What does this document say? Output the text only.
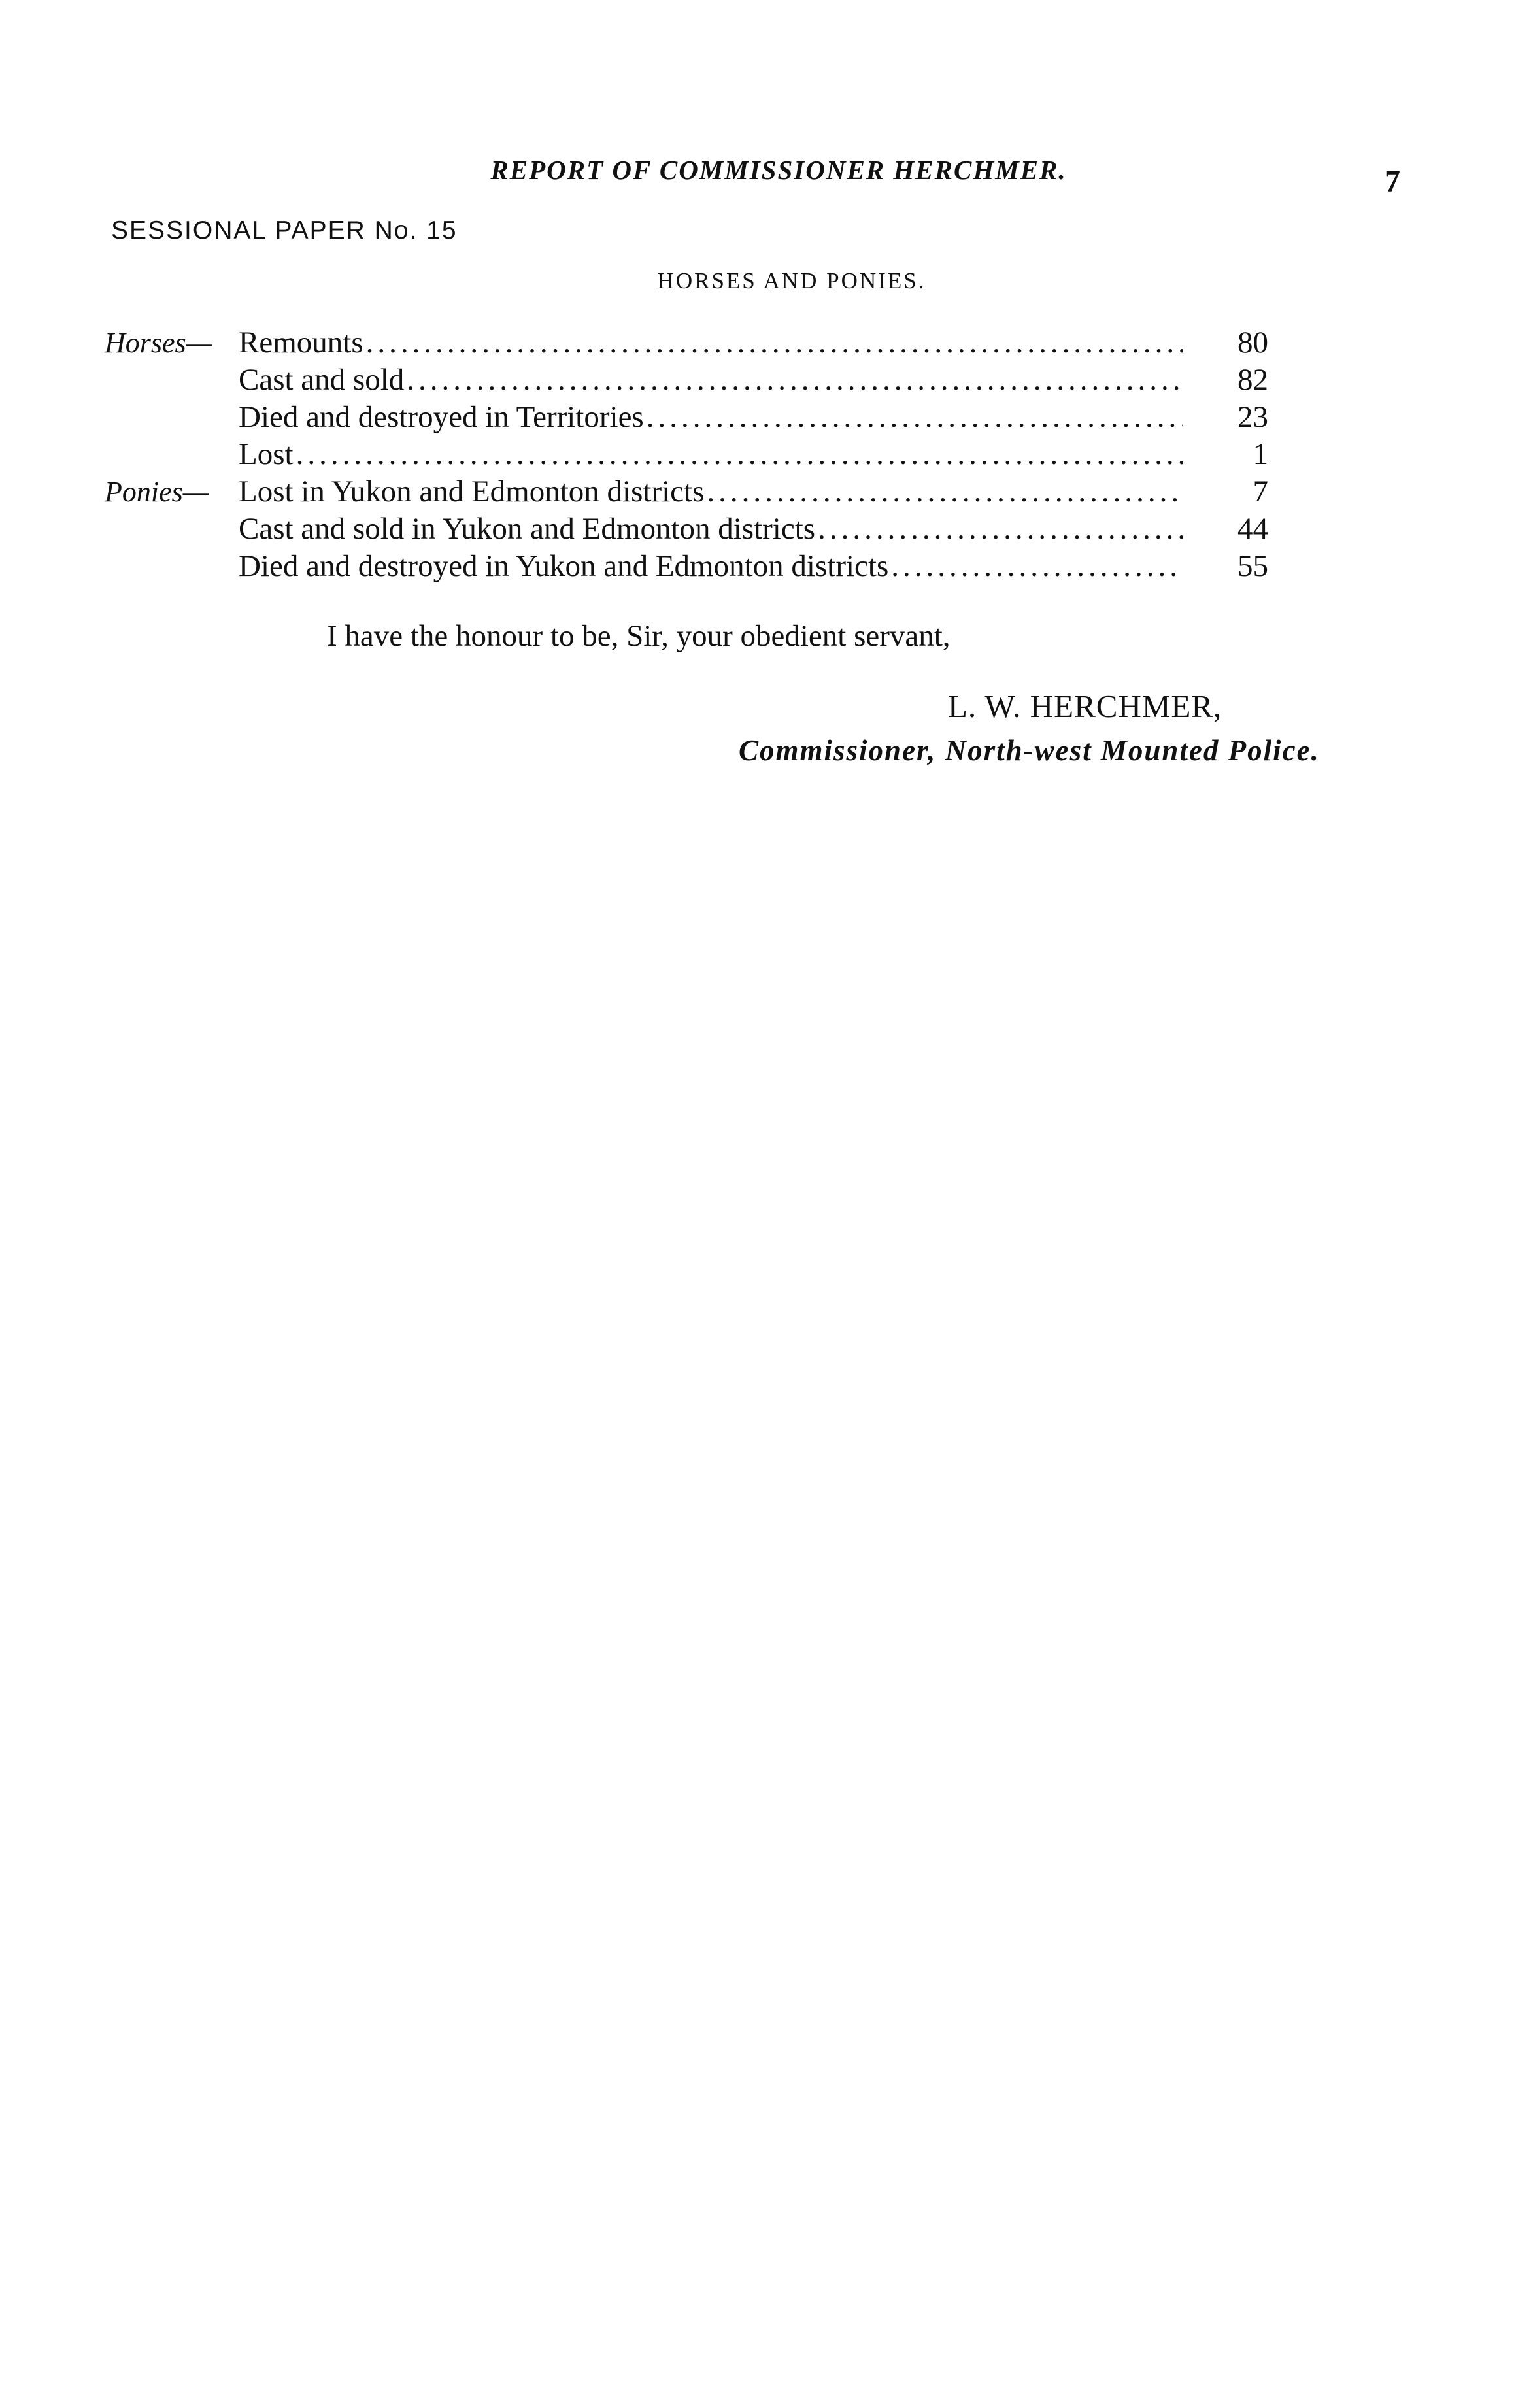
REPORT OF COMMISSIONER HERCHMER.	7
SESSIONAL PAPER No. 15
HORSES AND PONIES.
Horses— Remounts .....	80
Cast and sold .....	82
Died and destroyed in Territories .....	23
Lost .....	1
Ponies— Lost in Yukon and Edmonton districts .....	7
Cast and sold in Yukon and Edmonton districts .....	44
Died and destroyed in Yukon and Edmonton districts .....	55
I have the honour to be, Sir, your obedient servant,
L. W. HERCHMER,
Commissioner, North-west Mounted Police.
